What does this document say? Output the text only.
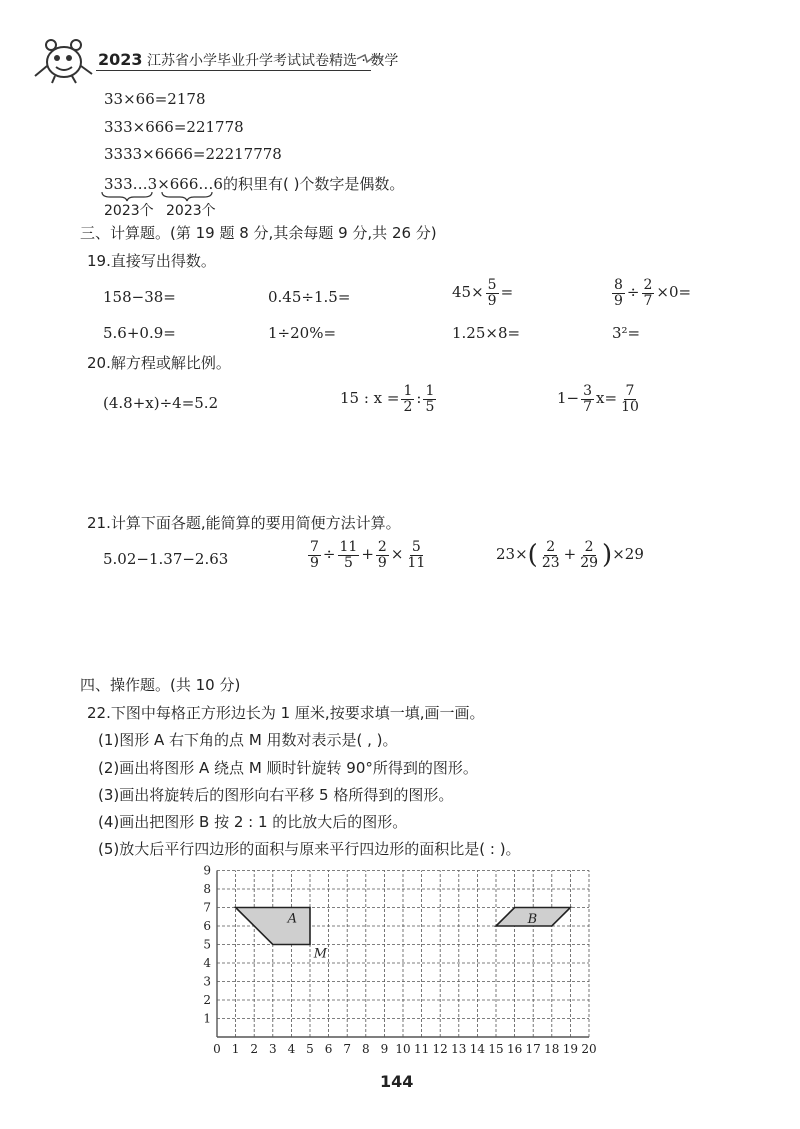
2023 江苏省小学毕业升学考试试卷精选 · 数学
33×66=2178
333×666=221778
3333×6666=22217778
333…3×666…6的积里有( )个数字是偶数。
2023个 2023个
三、计算题。(第 19 题 8 分,其余每题 9 分,共 26 分)
19.直接写出得数。
158−38=	0.45÷1.5=	$45\times \frac{5}{9}$ =	$\frac{8}{9} \div \frac{2}{7} \times 0=$
5.6+0.9=	1÷20%=	1.25×8=	3²=
20.解方程或解比例。
(4.8+x)÷4=5.2	15 : $x = \frac{1}{2}$ : $\frac{1}{5}$	$1- \frac{3}{7} x= \frac{7}{10}$
21.计算下面各题,能简算的要用简便方法计算。
5.02−1.37−2.63	$\frac{7}{9} \div \frac{11}{5} + \frac{2}{9} \times \frac{5}{11}$	$23\times( \frac{2}{23} + \frac{2}{29} )\times 29$
四、操作题。(共 10 分)
22.下图中每格正方形边长为 1 厘米,按要求填一填,画一画。
(1)图形 A 右下角的点 M 用数对表示是( , )。
(2)画出将图形 A 绕点 M 顺时针旋转 90°所得到的图形。
(3)画出将旋转后的图形向右平移 5 格所得到的图形。
(4)画出把图形 B 按 2 : 1 的比放大后的图形。
(5)放大后平行四边形的面积与原来平行四边形的面积比是( : )。
0 1 2 3 4 5 6 7 8 9 10 11 12 13 14 15 16 17 18 19 20
1
2
3
4
5
6
7
8
9
A	B
M
144
